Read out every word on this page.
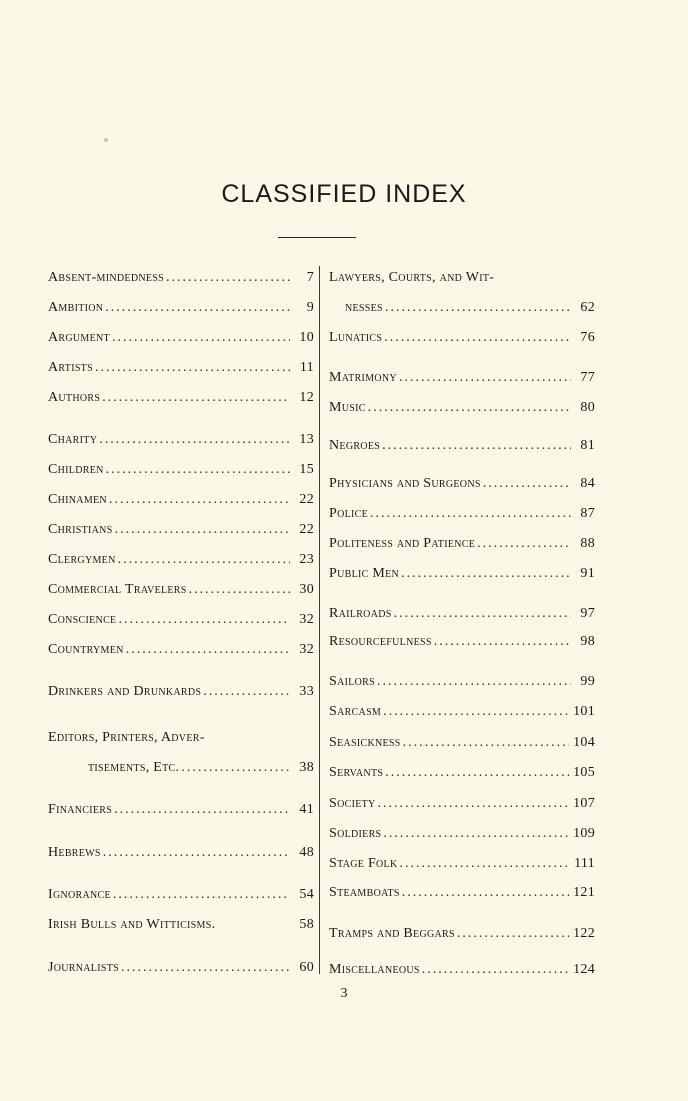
CLASSIFIED INDEX
Absent-mindedness . . .	7
Ambition . . .	9
Argument . . .	10
Artists . . .	11
Authors . . .	12
Charity . . .	13
Children . . .	15
Chinamen . . .	22
Christians . . .	22
Clergymen . . .	23
Commercial Travelers . . .	30
Conscience . . .	32
Countrymen . . .	32
Drinkers and Drunkards . . .	33
Editors, Printers, Adver-
tisements, Etc. . . .	38
Financiers . . .	41
Hebrews . . .	48
Ignorance . . .	54
Irish Bulls and Witticisms.	58
Journalists . . .	60
Lawyers, Courts, and Wit-
nesses . . .	62
Lunatics . . .	76
Matrimony . . .	77
Music . . .	80
Negroes . . .	81
Physicians and Surgeons . . .	84
Police . . .	87
Politeness and Patience . . .	88
Public Men . . .	91
Railroads . . .	97
Resourcefulness . . .	98
Sailors . . .	99
Sarcasm . . .	101
Seasickness . . .	104
Servants . . .	105
Society . . .	107
Soldiers . . .	109
Stage Folk . . .	111
Steamboats . . .	121
Tramps and Beggars . . .	122
Miscellaneous . . .	124
3
